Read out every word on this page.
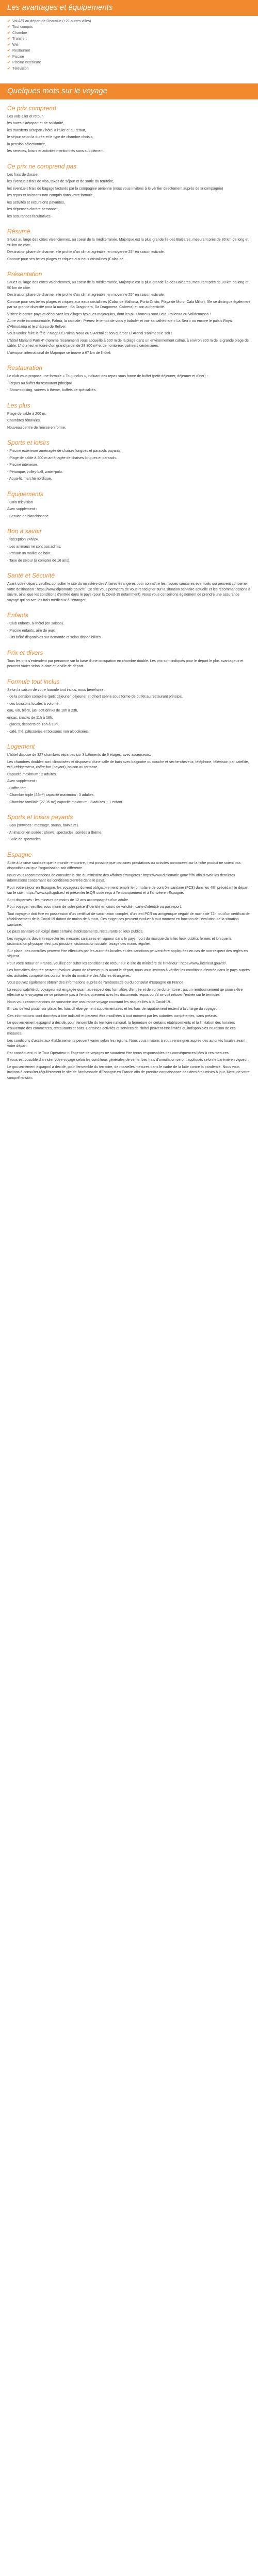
Les avantages et équipements
✔ Vol A/R au départ de Deauville (+21 autres villes)
✔ Tout compris
✔ Chambre
✔ Transfert
✔ Wifi
✔ Restaurant
✔ Piscine
✔ Piscine extérieure
✔ Télévision
Quelques mots sur le voyage
Ce prix comprend

Les vols aller et retour,

les taxes d'aéroport et de solidarité,

les transferts aéroport / hôtel à l'aller et au retour,

le séjour selon la durée et le type de chambre choisis,

la pension sélectionnée,

les services, loisirs et activités mentionnés sans supplément.

Ce prix ne comprend pas

Les frais de dossier,

les éventuels frais de visa, taxes de séjour et de sortie du territoire,

les éventuels frais de bagage facturés par la compagnie aérienne (nous vous invitons à le vérifier directement auprès de la compagnie)

les repas et boissons non compris dans votre formule,

les activités et excursions payantes,

les dépenses d'ordre personnel,

les assurances facultatives.

Résumé

Situez au large des côtes valenciennes, au coeur de la méditerranée, Majorque est la plus grande île des Baléares, mesurant près de 80 km de long et 50 km de côte.

Destination phare de charme, elle profite d'un climat agréable, en moyenne 25° en saison estivale.

Connue pour ses belles plages et criques aux eaux cristallines (Calas de ...

Présentation

Situez au large des côtes valenciennes, au coeur de la méditerranée, Majorque est la plus grande île des Baléares, mesurant près de 80 km de long et 50 km de côte.

Destination phare de charme, elle profite d'un climat agréable, en moyenne 25° en saison estivale.

Connue pour ses belles plages et criques aux eaux cristallines (Calas de Mallorca, Porto Cristo, Playa de Muro, Cala Millor), l'île se distingue également par sa grande diversité pour la nature : Sa Dragonera, Sa Dragonera, Cabrera) et son authenticité.

Visitez le centre-pays et découvrez les villages typiques majorquins, dont les plus fameux sont Deia, Pollensa ou Valldemossa !

Autre visite incontournable, Palma, la capitale : Prenez le temps de vous y balader et voir sa cathédrale « La Seu » ou encore le palais Royal d'Almudaina et le château de Bellver.

Vous voulez faire la fête ? Magaluf, Palma Nova ou S'Arenal et son quartier El Arenal s'animent le soir !

L'hôtel Marianti Park 4* (nommé récemment) vous accueille à 500 m de la plage dans un environnement calme, à environ 300 m de la grande plage de sable. L'hôtel est entouré d'un grand jardin de 28 300 m² et de nombreux palmiers centenaires.

L'aéroport international de Majorque se trouve à 67 km de l'hôtel.

Restauration

Le club vous propose une formule « Tout Inclus », incluant des repas sous forme de buffet (petit-déjeuner, déjeuner et dîner) :

- Repas au buffet du restaurant principal.

- Show-cooking, soirées à thème, buffets de spécialités.

Les plus

Plage de sable à 200 m.

Chambres rénovées.

Nouveau centre de remise en forme.

Sports et loisirs

- Piscine extérieure aménagée de chaises longues et parasols payants.

- Plage de sable à 200 m aménagée de chaises longues et parasols.

- Piscine intérieure.

- Pétanque, volley-ball, water-polo.

- Aqua-fit, marche nordique.

Équipements

- Coin télévision

Avec supplément :

- Service de blanchisserie.

Bon à savoir

- Réception 24h/24.

- Les animaux ne sont pas admis.

- Prévoir un maillot de bain.

- Taxe de séjour (à compter de 16 ans).

Santé et Sécurité

Avant votre départ, veuillez consulter le site du ministère des Affaires étrangères pour connaître les risques sanitaires éventuels qui peuvent concerner votre destination : https://www.diplomatie.gouv.fr/. Ce site vous permettra de vous renseigner sur la situation sanitaire actuelle et les recommandations à suivre, ainsi que les conditions d'entrée dans le pays (pour la Covid-19 notamment). Nous vous conseillons également de prendre une assurance voyage qui couvre les frais médicaux à l'étranger.

Enfants

- Club enfants, à l'hôtel (en saison).

- Piscine enfants, aire de jeux.

- Lits bébé disponibles sur demande et selon disponibilités.

Prix et divers

Tous les prix s'entendent par personne sur la base d'une occupation en chambre double. Les prix sont indiqués pour le départ le plus avantageux et peuvent varier selon la date et la ville de départ.

Formule tout inclus

Selon la saison de votre formule tout inclus, nous bénéficiez :

- de la pension complète (petit déjeuner, déjeuner et dîner) servie sous forme de buffet au restaurant principal,

- des boissons locales à volonté :

eau, vin, bière, jus, soft drinks de 10h à 23h,

encas, snacks de 11h à 18h,

- glaces, desserts de 16h à 18h,

- café, thé, pâtisseries et boissons non alcoolisées.

Logement

L'hôtel dispose de 327 chambres réparties sur 3 bâtiments de 6 étages, avec ascenseurs.

Les chambres doubles sont climatisées et disposent d'une salle de bain avec baignoire ou douche et sèche-cheveux, téléphone, télévision par satellite, wifi, réfrigérateur, coffre-fort (payant), balcon ou terrasse.

Capacité maximum : 2 adultes.

Avec supplément :

- Coffre-fort

- Chambre triple (24m²) capacité maximum : 3 adultes.

- Chambre familiale (27,35 m²) capacité maximum : 3 adultes + 1 enfant.

Sports et loisirs payants

- Spa (services : massage, sauna, bain turc).

- Animation en soirée : shows, spectacles, soirées à thème.

- Salle de spectacles.

Espagne

Suite à la crise sanitaire que le monde rencontre, il est possible que certaines prestations ou activités annoncées sur la fiche produit ne soient pas disponibles ou que l'organisation soit différente.

Nous vous recommandons de consulter le site du ministère des Affaires étrangères : https://www.diplomatie.gouv.fr/fr/ afin d'avoir les dernières informations concernant les conditions d'entrée dans le pays.

Pour votre séjour en Espagne, les voyageurs doivent obligatoirement remplir le formulaire de contrôle sanitaire (FCS) dans les 48h précédant le départ sur le site : https://www.spth.gob.es/ et présenter le QR code reçu à l'embarquement et à l'arrivée en Espagne.

Sont dispensés : les mineurs de moins de 12 ans accompagnés d'un adulte.

Pour voyager, veuillez vous munir de votre pièce d'identité en cours de validité : carte d'identité ou passeport.

Tout voyageur doit être en possession d'un certificat de vaccination complet, d'un test PCR ou antigénique négatif de moins de 72h, ou d'un certificat de rétablissement de la Covid-19 datant de moins de 6 mois. Ces exigences peuvent évoluer à tout moment en fonction de l'évolution de la situation sanitaire.

Le pass sanitaire est exigé dans certains établissements, restaurants et lieux publics.

Les voyageurs doivent respecter les mesures sanitaires en vigueur dans le pays : port du masque dans les lieux publics fermés et lorsque la distanciation physique n'est pas possible, distanciation sociale, lavage des mains régulier.

Sur place, des contrôles peuvent être effectués par les autorités locales et des sanctions peuvent être appliquées en cas de non-respect des règles en vigueur.

Pour votre retour en France, veuillez consulter les conditions de retour sur le site du ministère de l'Intérieur : https://www.interieur.gouv.fr/.

Les formalités d'entrée peuvent évoluer. Avant de réserver puis avant le départ, nous vous invitons à vérifier les conditions d'entrée dans le pays auprès des autorités compétentes ou sur le site du ministère des Affaires étrangères.

Vous pouvez également obtenir des informations auprès de l'ambassade ou du consulat d'Espagne en France.

La responsabilité du voyageur est engagée quant au respect des formalités d'entrée et de sortie du territoire ; aucun remboursement ne pourra être effectué si le voyageur ne se présente pas à l'embarquement avec les documents requis ou s'il se voit refuser l'entrée sur le territoire.

Nous vous recommandons de souscrire une assurance voyage couvrant les risques liés à la Covid-19.

En cas de test positif sur place, les frais d'hébergement supplémentaires et les frais de rapatriement restent à la charge du voyageur.

Ces informations sont données à titre indicatif et peuvent être modifiées à tout moment par les autorités compétentes, sans préavis.

Le gouvernement espagnol a décidé, pour l'ensemble du territoire national, la fermeture de certains établissements et la limitation des horaires d'ouverture des commerces, restaurants et bars. Certaines activités et services de l'hôtel peuvent être limités ou indisponibles en raison de ces mesures.

Les conditions d'accès aux établissements peuvent varier selon les régions. Nous vous invitons à vous renseigner auprès des autorités locales avant votre départ.

Par conséquent, ni le Tour Opérateur ni l'agence de voyages ne sauraient être tenus responsables des conséquences liées à ces mesures.

Il vous est possible d'annuler votre voyage selon les conditions générales de vente. Les frais d'annulation seront appliqués selon le barème en vigueur.

Le gouvernement espagnol a décidé, pour l'ensemble du territoire, de nouvelles mesures dans le cadre de la lutte contre la pandémie. Nous vous invitons à consulter régulièrement le site de l'ambassade d'Espagne en France afin de prendre connaissance des dernières mises à jour. Merci de votre compréhension.
